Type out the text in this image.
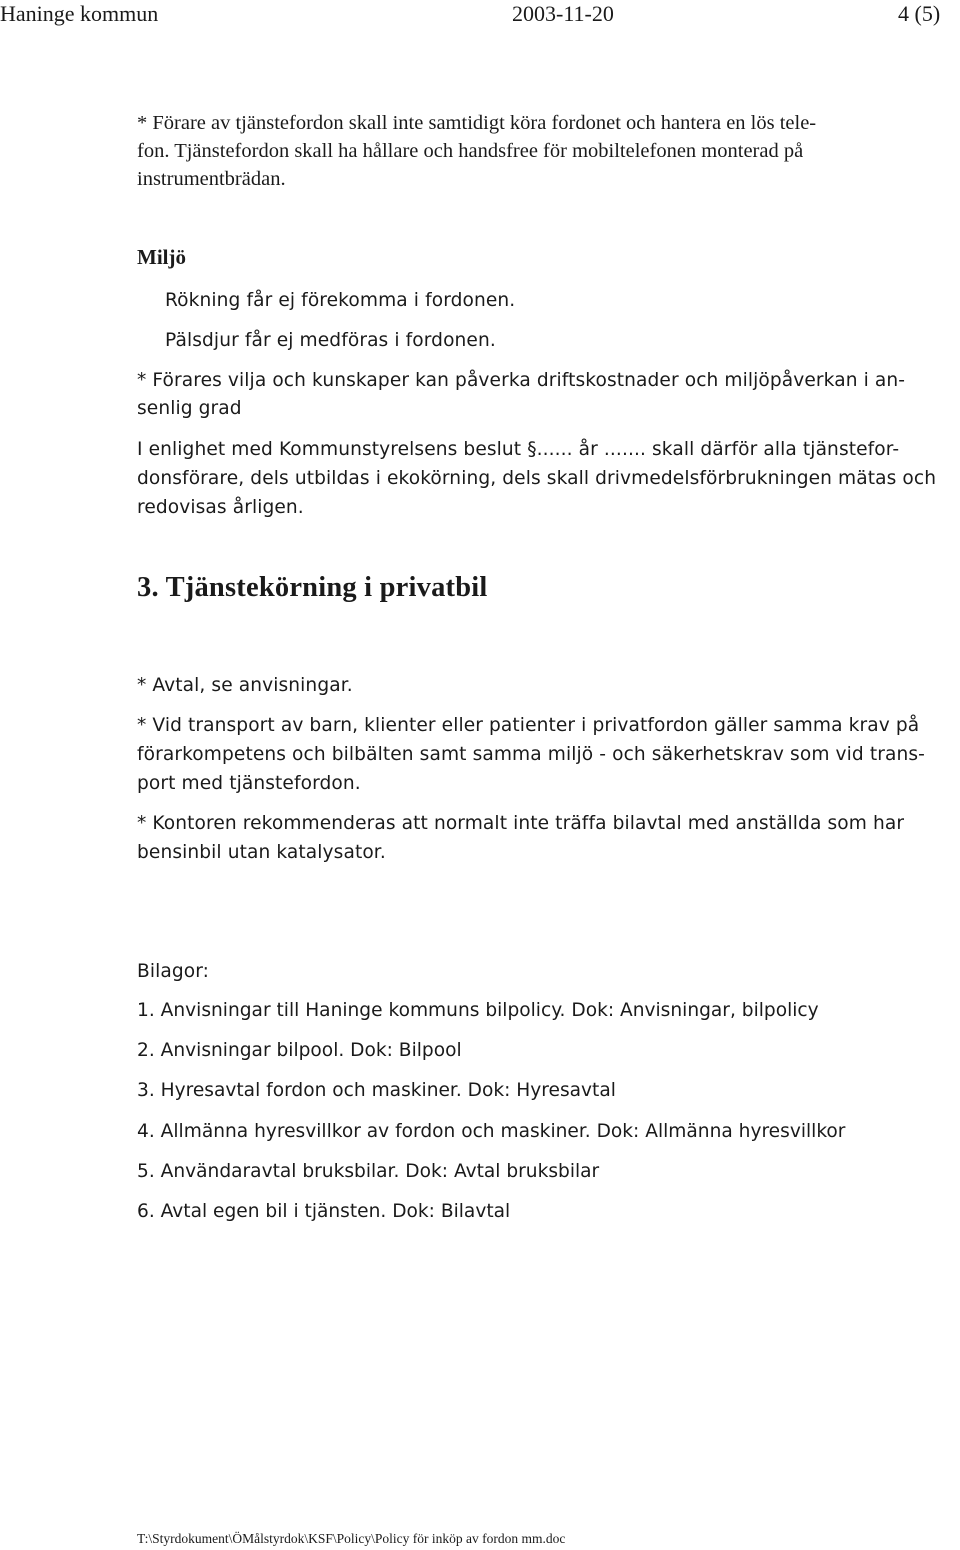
Haninge kommun	2003-11-20	4 (5)

* Förare av tjänstefordon skall inte samtidigt köra fordonet och hantera en lös tele-
fon. Tjänstefordon skall ha hållare och handsfree för mobiltelefonen monterad på
instrumentbrädan.

Miljö

Rökning får ej förekomma i fordonen.

Pälsdjur får ej medföras i fordonen.

* Förares vilja och kunskaper kan påverka driftskostnader och miljöpåverkan i an-
senlig grad

I enlighet med Kommunstyrelsens beslut §...... år ....... skall därför alla tjänstefor-
donsförare, dels utbildas i ekokörning, dels skall drivmedelsförbrukningen mätas och
redovisas årligen.

3. Tjänstekörning i privatbil

* Avtal, se anvisningar.

* Vid transport av barn, klienter eller patienter i privatfordon gäller samma krav på
förarkompetens och bilbälten samt samma miljö - och säkerhetskrav som vid trans-
port med tjänstefordon.

* Kontoren rekommenderas att normalt inte träffa bilavtal med anställda som har
bensinbil utan katalysator.

Bilagor:

1. Anvisningar till Haninge kommuns bilpolicy. Dok: Anvisningar, bilpolicy
2. Anvisningar bilpool. Dok: Bilpool
3. Hyresavtal fordon och maskiner. Dok: Hyresavtal
4. Allmänna hyresvillkor av fordon och maskiner. Dok: Allmänna hyresvillkor
5. Användaravtal bruksbilar. Dok: Avtal bruksbilar
6. Avtal egen bil i tjänsten. Dok: Bilavtal
T:\Styrdokument\ÖMålstyrdok\KSF\Policy\Policy för inköp av fordon mm.doc
